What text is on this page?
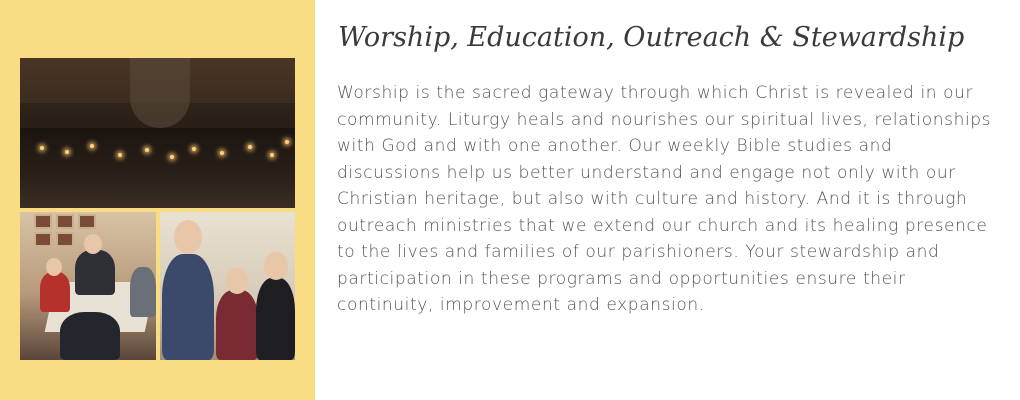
Worship, Education, Outreach & Stewardship

Worship is the sacred gateway through which Christ is revealed in our community. Liturgy heals and nourishes our spiritual lives, relationships with God and with one another. Our weekly Bible studies and discussions help us better understand and engage not only with our Christian heritage, but also with culture and history. And it is through outreach ministries that we extend our church and its healing presence to the lives and families of our parishioners. Your stewardship and participation in these programs and opportunities ensure their continuity, improvement and expansion.
